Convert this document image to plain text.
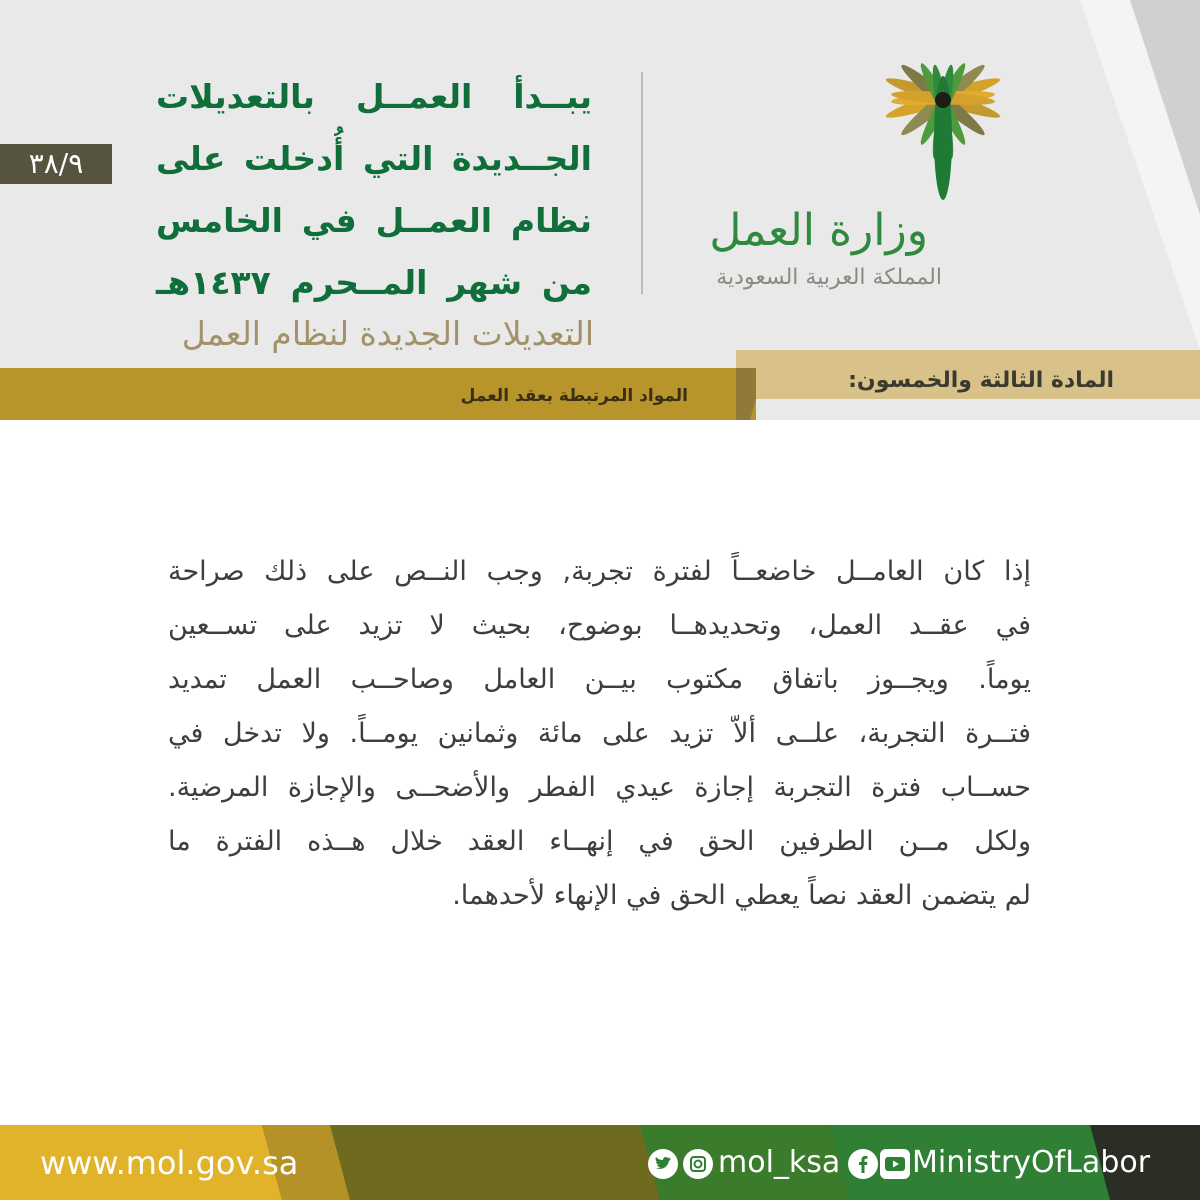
وزارة العمل
المملكة العربية السعودية
يبــدأ العمــل بالتعديلات
الجــديدة التي أُدخلت على
نظام العمــل في الخامس
من شهر المــحرم ١٤٣٧هـ
التعديلات الجديدة لنظام العمل
٣٨/٩
المادة الثالثة والخمسون:
المواد المرتبطة بعقد العمل
إذا كان العامــل خاضعــاً لفترة تجربة, وجب النــص على ذلك صراحة
في عقــد العمل، وتحديدهــا بوضوح، بحيث لا تزيد على تســعين
يوماً. ويجــوز باتفاق مكتوب بيــن العامل وصاحــب العمل تمديد
فتــرة التجربة، علــى ألاّ تزيد على مائة وثمانين يومــاً. ولا تدخل في
حســاب فترة التجربة إجازة عيدي الفطر والأضحــى والإجازة المرضية.
ولكل مــن الطرفين الحق في إنهــاء العقد خلال هــذه الفترة ما
لم يتضمن العقد نصاً يعطي الحق في الإنهاء لأحدهما.
www.mol.gov.sa	mol_ksa MinistryOfLabor
